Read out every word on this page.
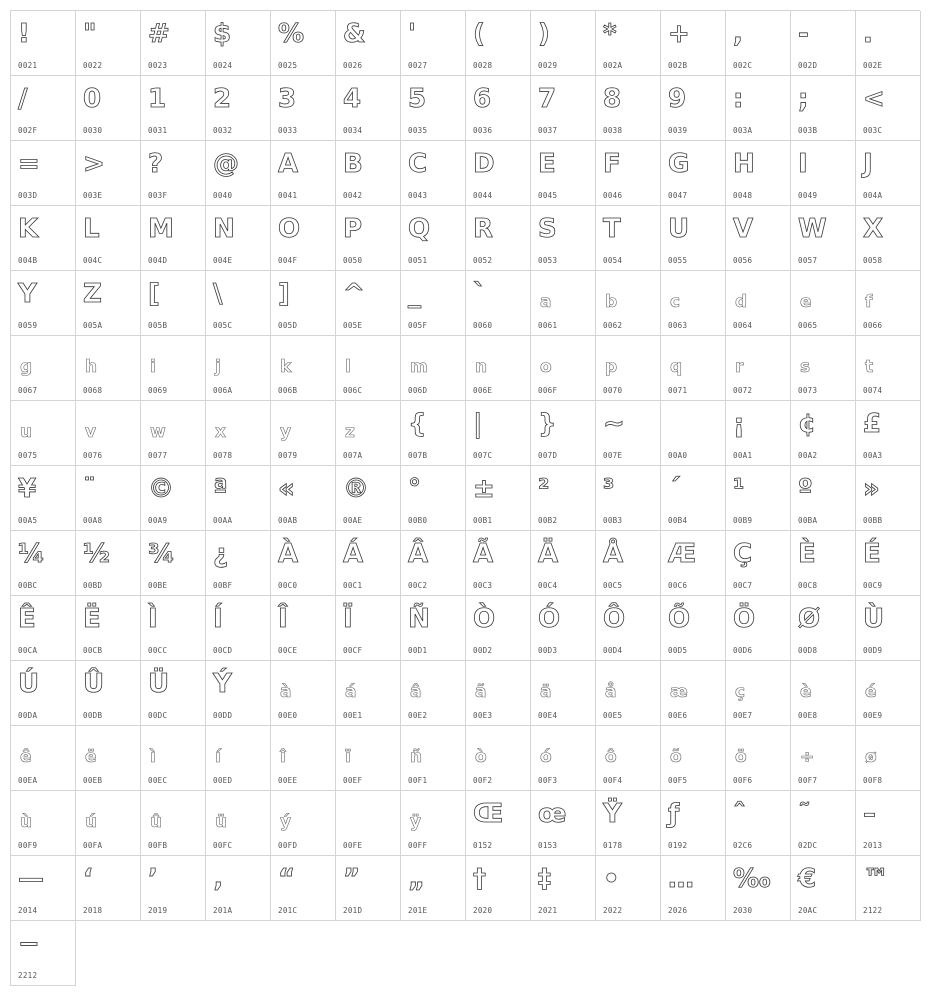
!
0021
"
0022
#
0023
$
0024
%
0025
&
0026
'
0027
(
0028
)
0029
*
002A
+
002B
,
002C
-
002D
.
002E
/
002F
0
0030
1
0031
2
0032
3
0033
4
0034
5
0035
6
0036
7
0037
8
0038
9
0039
:
003A
;
003B
<
003C
=
003D
>
003E
?
003F
@
0040
A
0041
B
0042
C
0043
D
0044
E
0045
F
0046
G
0047
H
0048
I
0049
J
004A
K
004B
L
004C
M
004D
N
004E
O
004F
P
0050
Q
0051
R
0052
S
0053
T
0054
U
0055
V
0056
W
0057
X
0058
Y
0059
Z
005A
[
005B
\
005C
]
005D
^
005E
_
005F
`
0060
a
0061
b
0062
c
0063
d
0064
e
0065
f
0066
g
0067
h
0068
i
0069
j
006A
k
006B
l
006C
m
006D
n
006E
o
006F
p
0070
q
0071
r
0072
s
0073
t
0074
u
0075
v
0076
w
0077
x
0078
y
0079
z
007A
{
007B
|
007C
}
007D
~
007E	00A0
¡
00A1
¢
00A2
£
00A3
¥
00A5
¨
00A8
©
00A9
ª
00AA
«
00AB
®
00AE
°
00B0
±
00B1
²
00B2
³
00B3
´
00B4
¹
00B9
º
00BA
»
00BB
¼
00BC
½
00BD
¾
00BE
¿
00BF
À
00C0
Á
00C1
Â
00C2
Ã
00C3
Ä
00C4
Å
00C5
Æ
00C6
Ç
00C7
È
00C8
É
00C9
Ê
00CA
Ë
00CB
Ì
00CC
Í
00CD
Î
00CE
Ï
00CF
Ñ
00D1
Ò
00D2
Ó
00D3
Ô
00D4
Õ
00D5
Ö
00D6
Ø
00D8
Ù
00D9
Ú
00DA
Û
00DB
Ü
00DC
Ý
00DD
à
00E0
á
00E1
â
00E2
ã
00E3
ä
00E4
å
00E5
æ
00E6
ç
00E7
è
00E8
é
00E9
ê
00EA
ë
00EB
ì
00EC
í
00ED
î
00EE
ï
00EF
ñ
00F1
ò
00F2
ó
00F3
ô
00F4
õ
00F5
ö
00F6
÷
00F7
ø
00F8
ù
00F9
ú
00FA
û
00FB
ü
00FC
ý
00FD	00FE
ÿ
00FF
Œ
0152
œ
0153
Ÿ
0178
ƒ
0192
ˆ
02C6
˜
02DC
–
2013
—
2014
‘
2018
’
2019
‚
201A
“
201C
”
201D
„
201E
†
2020
‡
2021
•
2022
…
2026
‰
2030
€
20AC
™
2122
−
2212
